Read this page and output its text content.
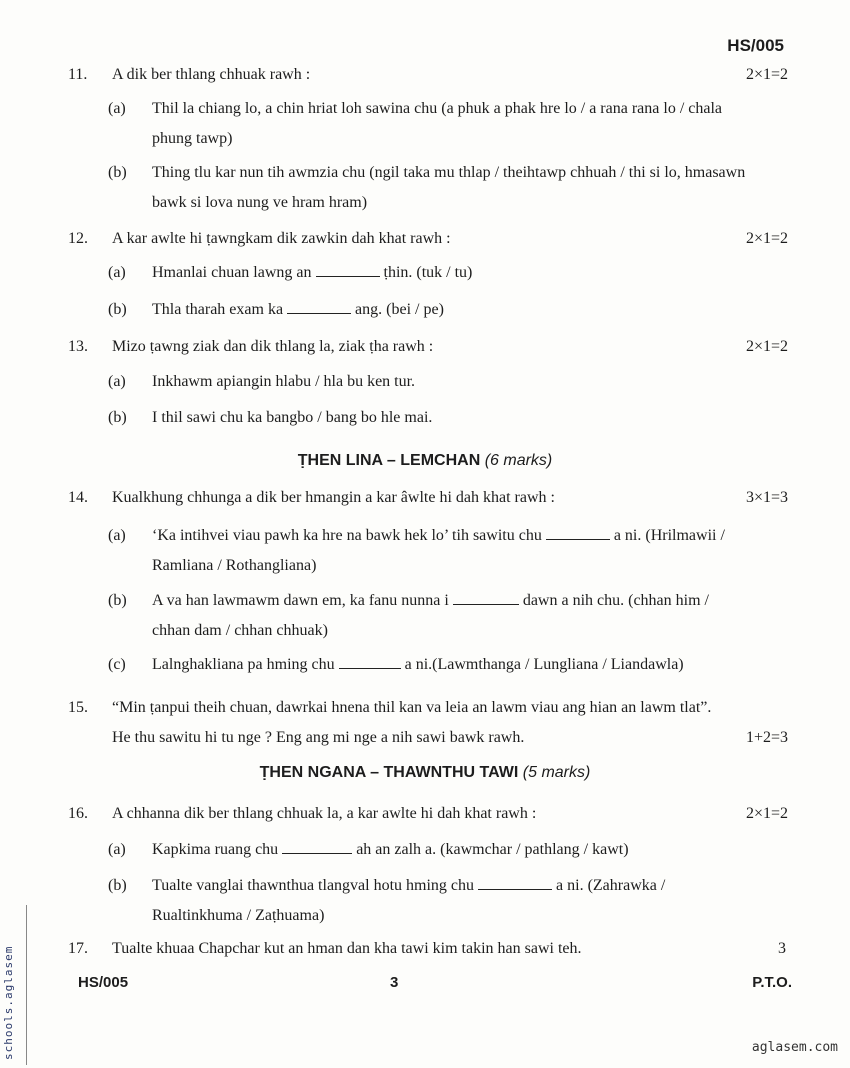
HS/005
11.	A dik ber thlang chhuak rawh :	2×1=2
(a)	Thil la chiang lo, a chin hriat loh sawina chu (a phuk a phak hre lo / a rana rana lo / chala
phung tawp)
(b)	Thing tlu kar nun tih awmzia chu (ngil taka mu thlap / theihtawp chhuah / thi si lo, hmasawn
bawk si lova nung ve hram hram)
12.	A kar awlte hi ṭawngkam dik zawkin dah khat rawh :	2×1=2
(a)	Hmanlai chuan lawng an	ṭhin. (tuk / tu)
(b)	Thla tharah exam ka	ang. (bei / pe)
13.	Mizo ṭawng ziak dan dik thlang la, ziak ṭha rawh :	2×1=2
(a)	Inkhawm apiangin hlabu / hla bu ken tur.
(b)	I thil sawi chu ka bangbo / bang bo hle mai.
ṬHEN LINA – LEMCHAN (6 marks)
14.	Kualkhung chhunga a dik ber hmangin a kar âwlte hi dah khat rawh :	3×1=3
(a)	‘Ka intihvei viau pawh ka hre na bawk hek lo’ tih sawitu chu	a ni. (Hrilmawii /
Ramliana / Rothangliana)
(b)	A va han lawmawm dawn em, ka fanu nunna i	dawn a nih chu. (chhan him /
chhan dam / chhan chhuak)
(c)	Lalnghakliana pa hming chu	a ni.(Lawmthanga / Lungliana / Liandawla)
15.	“Min ṭanpui theih chuan, dawrkai hnena thil kan va leia an lawm viau ang hian an lawm tlat”.
He thu sawitu hi tu nge ? Eng ang mi nge a nih sawi bawk rawh.	1+2=3
ṬHEN NGANA – THAWNTHU TAWI (5 marks)
16.	A chhanna dik ber thlang chhuak la, a kar awlte hi dah khat rawh :	2×1=2
(a)	Kapkima ruang chu	ah an zalh a. (kawmchar / pathlang / kawt)
(b)	Tualte vanglai thawnthua tlangval hotu hming chu	a ni. (Zahrawka /
Rualtinkhuma / Zaṭhuama)
17.	Tualte khuaa Chapchar kut an hman dan kha tawi kim takin han sawi teh.	3
HS/005	3	P.T.O.
schools.aglasem	aglasem.com
